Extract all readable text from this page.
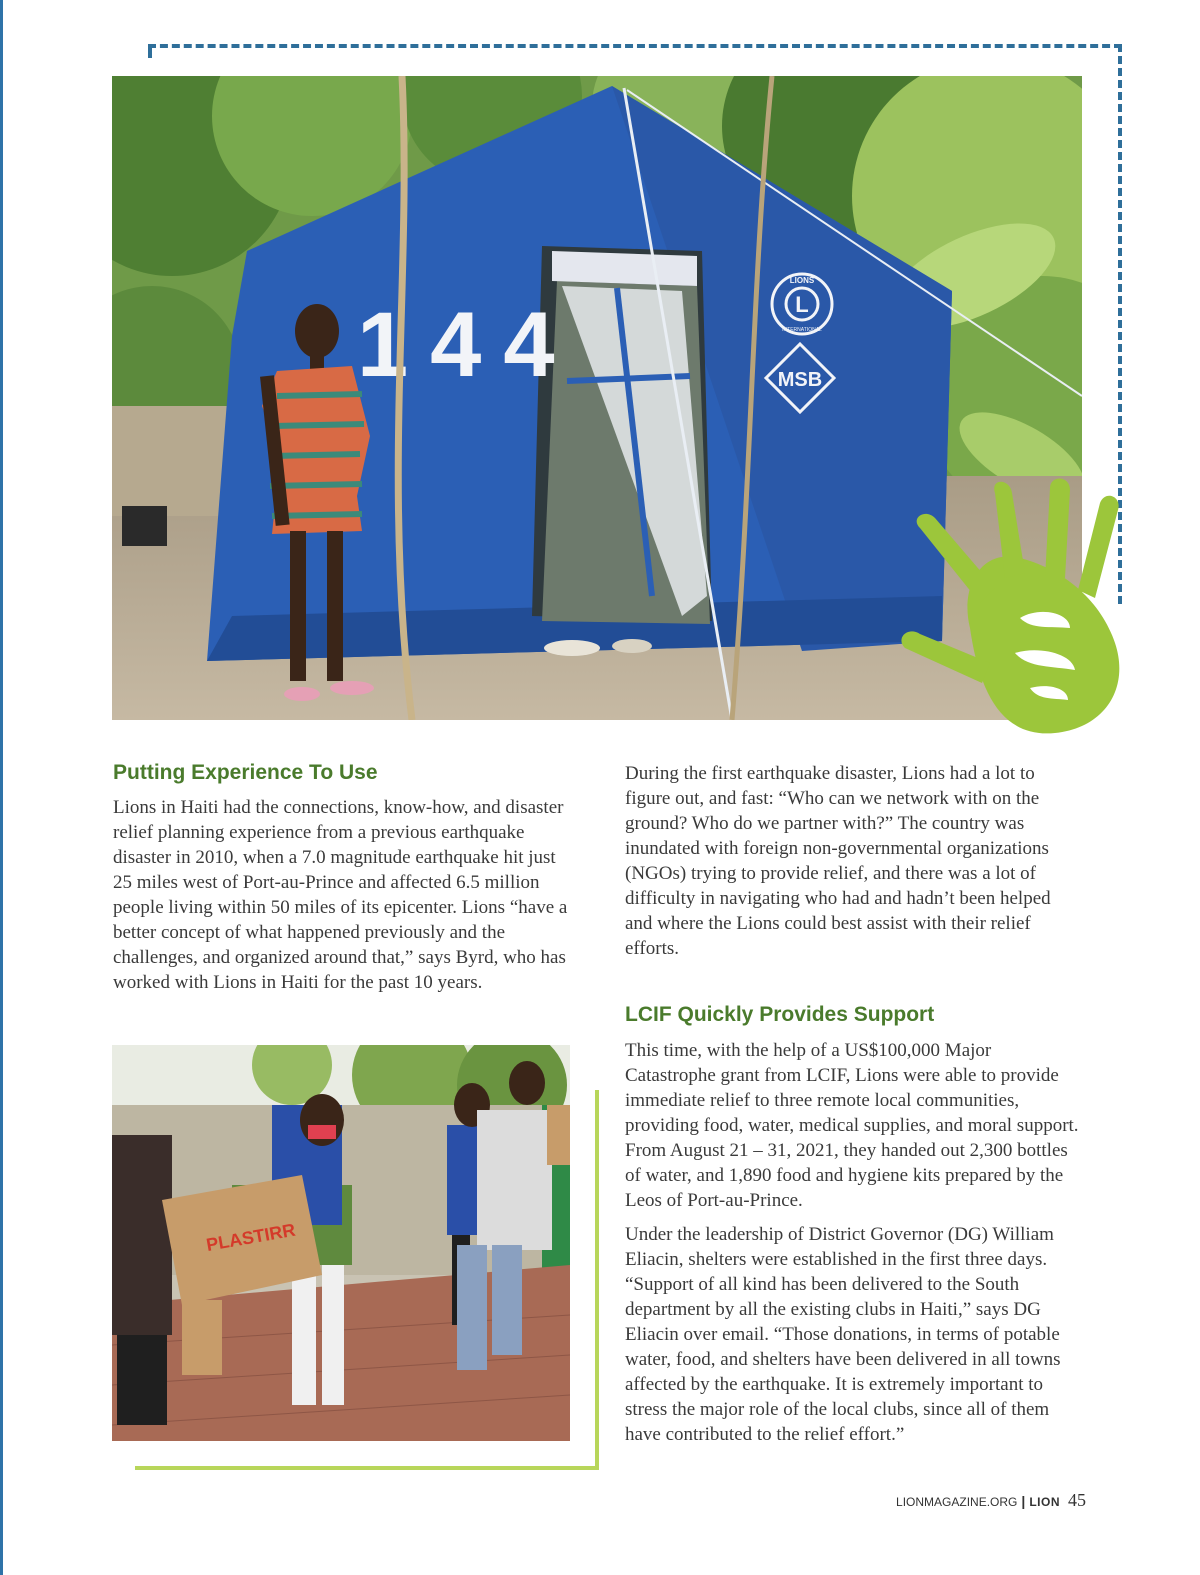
144	L
LIONS
INTERNATIONAL
MSB
Putting Experience To Use

Lions in Haiti had the connections, know-how, and disaster relief planning experience from a previous earthquake disaster in 2010, when a 7.0 magnitude earthquake hit just 25 miles west of Port-au-Prince and affected 6.5 million people living within 50 miles of its epicenter. Lions “have a better concept of what happened previously and the challenges, and organized around that,” says Byrd, who has worked with Lions in Haiti for the past 10 years.

PLASTIRR

During the first earthquake disaster, Lions had a lot to figure out, and fast: “Who can we network with on the ground? Who do we partner with?” The country was inundated with foreign non-governmental organizations (NGOs) trying to provide relief, and there was a lot of difficulty in navigating who had and hadn’t been helped and where the Lions could best assist with their relief efforts.

LCIF Quickly Provides Support

This time, with the help of a US$100,000 Major Catastrophe grant from LCIF, Lions were able to provide immediate relief to three remote local communities, providing food, water, medical supplies, and moral support. From August 21 – 31, 2021, they handed out 2,300 bottles of water, and 1,890 food and hygiene kits prepared by the Leos of Port-au-Prince.

Under the leadership of District Governor (DG) William Eliacin, shelters were established in the first three days. “Support of all kind has been delivered to the South department by all the existing clubs in Haiti,” says DG Eliacin over email. “Those donations, in terms of potable water, food, and shelters have been delivered in all towns affected by the earthquake. It is extremely important to stress the major role of the local clubs, since all of them have contributed to the relief effort.”

LIONMAGAZINE.ORG | LION 45
